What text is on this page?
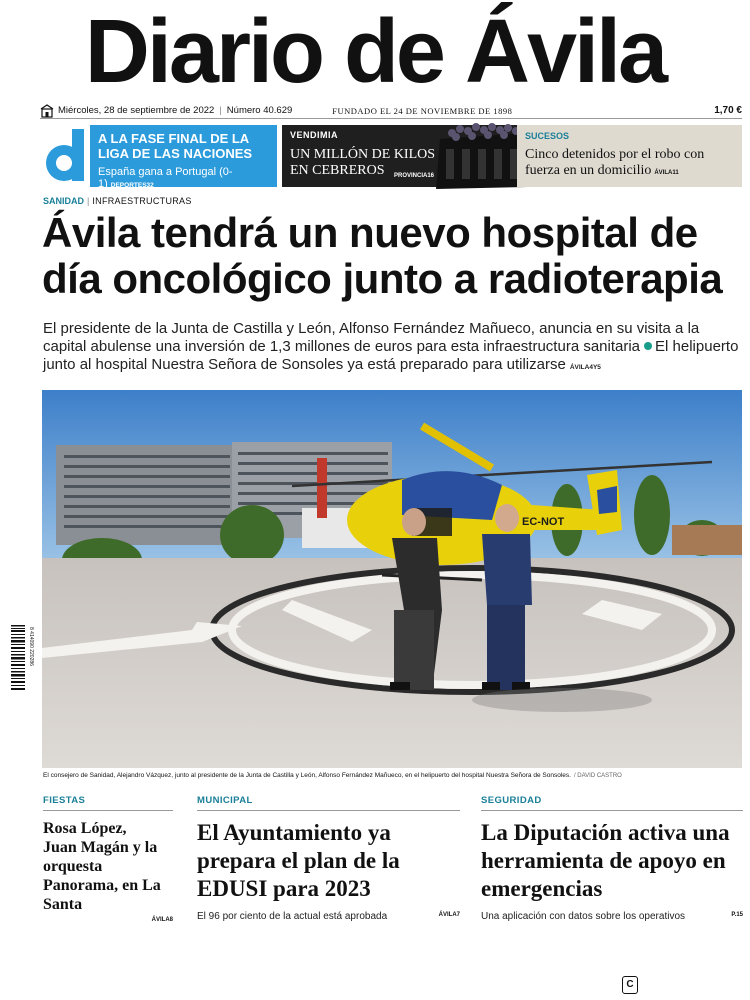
Diario de Ávila
Miércoles, 28 de septiembre de 2022 | Número 40.629	FUNDADO EL 24 DE NOVIEMBRE DE 1898	1,70 €
A LA FASE FINAL DE LA LIGA DE LAS NACIONES
España gana a Portugal (0-1) DEPORTES32
VENDIMIA
UN MILLÓN DE KILOS EN CEBREROS	PROVINCIA16
SUCESOS
Cinco detenidos por el robo con fuerza en un domicilio ÁVILA11
SANIDAD | INFRAESTRUCTURAS
Ávila tendrá un nuevo hospital de día oncológico junto a radioterapia

El presidente de la Junta de Castilla y León, Alfonso Fernández Mañueco, anuncia en su visita a la capital abulense una inversión de 1,3 millones de euros para esta infraestructura sanitaria El helipuerto junto al hospital Nuestra Señora de Sonsoles ya está preparado para utilizarse ÁVILA4Y5

EC-NOT
El consejero de Sanidad, Alejandro Vázquez, junto al presidente de la Junta de Castilla y León, Alfonso Fernández Mañueco, en el helipuerto del hospital Nuestra Señora de Sonsoles. / DAVID CASTRO
8 414090 220286
FIESTAS
Rosa López, Juan Magán y la orquesta Panorama, en La Santa
ÁVILA8
MUNICIPAL
El Ayuntamiento ya prepara el plan de la EDUSI para 2023
El 96 por ciento de la actual está aprobada	ÁVILA7
SEGURIDAD
La Diputación activa una herramienta de apoyo en emergencias
Una aplicación con datos sobre los operativos	P.15
C
